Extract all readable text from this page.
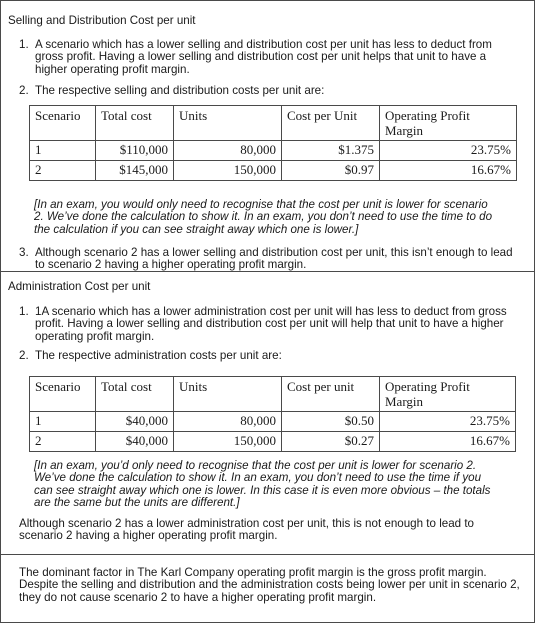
Selling and Distribution Cost per unit
1. A scenario which has a lower selling and distribution cost per unit has less to deduct from gross profit. Having a lower selling and distribution cost per unit helps that unit to have a higher operating profit margin.
2. The respective selling and distribution costs per unit are:
Scenario	Total cost	Units	Cost per Unit	Operating Profit Margin
1	$110,000	80,000	$1.375	23.75%
2	$145,000	150,000	$0.97	16.67%
[In an exam, you would only need to recognise that the cost per unit is lower for scenario 2. We’ve done the calculation to show it. In an exam, you don’t need to use the time to do the calculation if you can see straight away which one is lower.]
3. Although scenario 2 has a lower selling and distribution cost per unit, this isn’t enough to lead to scenario 2 having a higher operating profit margin.
Administration Cost per unit
1. 1A scenario which has a lower administration cost per unit will has less to deduct from gross profit. Having a lower selling and distribution cost per unit will help that unit to have a higher operating profit margin.
2. The respective administration costs per unit are:
Scenario	Total cost	Units	Cost per unit	Operating Profit Margin
1	$40,000	80,000	$0.50	23.75%
2	$40,000	150,000	$0.27	16.67%
[In an exam, you’d only need to recognise that the cost per unit is lower for scenario 2. We’ve done the calculation to show it. In an exam, you don’t need to use the time if you can see straight away which one is lower. In this case it is even more obvious – the totals are the same but the units are different.]
Although scenario 2 has a lower administration cost per unit, this is not enough to lead to scenario 2 having a higher operating profit margin.
The dominant factor in The Karl Company operating profit margin is the gross profit margin. Despite the selling and distribution and the administration costs being lower per unit in scenario 2, they do not cause scenario 2 to have a higher operating profit margin.
